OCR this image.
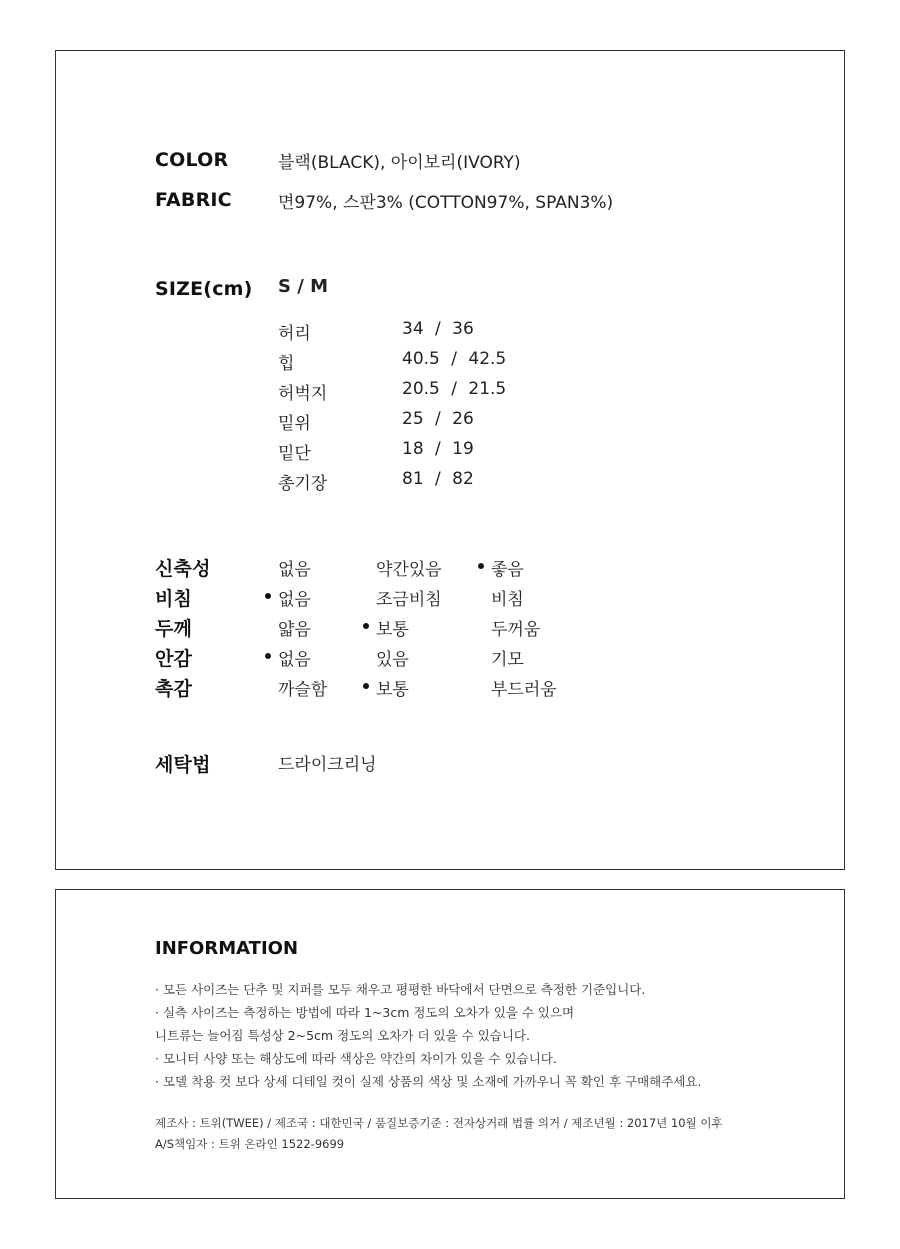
COLOR	블랙(BLACK), 아이보리(IVORY)
FABRIC	면97%, 스판3% (COTTON97%, SPAN3%)
SIZE(cm) S / M
허리	34 / 36
힙	40.5 / 42.5
허벅지	20.5 / 21.5
밑위	25 / 26
밑단	18 / 19
총기장	81 / 82
신축성	없음	약간있음	좋음
비침	없음	조금비침	비침
두께	얇음	보통	두꺼움
안감	없음	있음	기모
촉감	까슬함	보통	부드러움
세탁법	드라이크리닝
INFORMATION
· 모든 사이즈는 단추 및 지퍼를 모두 채우고 평평한 바닥에서 단면으로 측정한 기준입니다.
· 실측 사이즈는 측정하는 방법에 따라 1~3cm 정도의 오차가 있을 수 있으며
니트류는 늘어짐 특성상 2~5cm 정도의 오차가 더 있을 수 있습니다.
· 모니터 사양 또는 해상도에 따라 색상은 약간의 차이가 있을 수 있습니다.
· 모델 착용 컷 보다 상세 디테일 컷이 실제 상품의 색상 및 소재에 가까우니 꼭 확인 후 구매해주세요.
제조사 : 트위(TWEE) / 제조국 : 대한민국 / 품질보증기준 : 전자상거래 법률 의거 / 제조년월 : 2017년 10월 이후
A/S책임자 : 트위 온라인 1522-9699
